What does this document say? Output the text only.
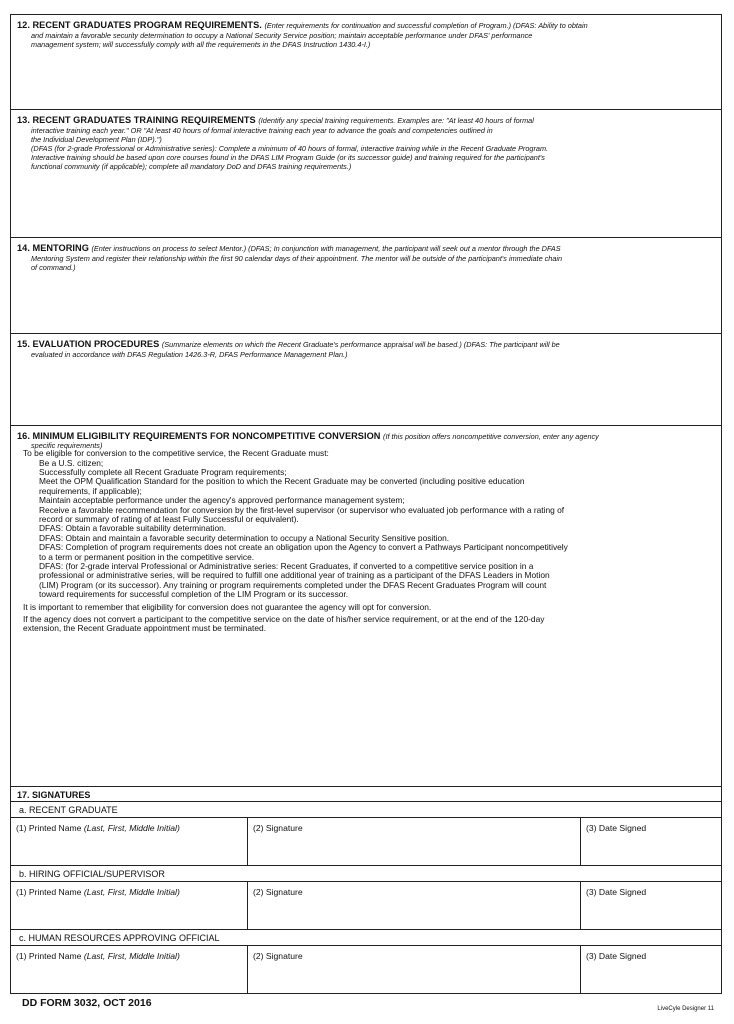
12. RECENT GRADUATES PROGRAM REQUIREMENTS. (Enter requirements for continuation and successful completion of Program.) (DFAS: Ability to obtain
and maintain a favorable security determination to occupy a National Security Service position; maintain acceptable performance under DFAS' performance
management system; will successfully comply with all the requirements in the DFAS Instruction 1430.4-I.)
13. RECENT GRADUATES TRAINING REQUIREMENTS (Identify any special training requirements. Examples are: "At least 40 hours of formal
interactive training each year." OR "At least 40 hours of formal interactive training each year to advance the goals and competencies outlined in
the Individual Development Plan (IDP).")
(DFAS (for 2-grade Professional or Administrative series): Complete a minimum of 40 hours of formal, interactive training while in the Recent Graduate Program.
Interactive training should be based upon core courses found in the DFAS LIM Program Guide (or its successor guide) and training required for the participant's
functional community (if applicable); complete all mandatory DoD and DFAS training requirements.)
14. MENTORING (Enter instructions on process to select Mentor.) (DFAS; In conjunction with management, the participant will seek out a mentor through the DFAS
Mentoring System and register their relationship within the first 90 calendar days of their appointment. The mentor will be outside of the participant's immediate chain
of command.)
15. EVALUATION PROCEDURES (Summarize elements on which the Recent Graduate's performance appraisal will be based.) (DFAS: The participant will be
evaluated in accordance with DFAS Regulation 1426.3-R, DFAS Performance Management Plan.)
16. MINIMUM ELIGIBILITY REQUIREMENTS FOR NONCOMPETITIVE CONVERSION (If this position offers noncompetitive conversion, enter any agency
specific requirements)
To be eligible for conversion to the competitive service, the Recent Graduate must:
Be a U.S. citizen;
Successfully complete all Recent Graduate Program requirements;
Meet the OPM Qualification Standard for the position to which the Recent Graduate may be converted (including positive education
requirements, if applicable);
Maintain acceptable performance under the agency's approved performance management system;
Receive a favorable recommendation for conversion by the first-level supervisor (or supervisor who evaluated job performance with a rating of
record or summary of rating of at least Fully Successful or equivalent).
DFAS: Obtain a favorable suitability determination.
DFAS: Obtain and maintain a favorable security determination to occupy a National Security Sensitive position.
DFAS: Completion of program requirements does not create an obligation upon the Agency to convert a Pathways Participant noncompetitively
to a term or permanent position in the competitive service.
DFAS: (for 2-grade interval Professional or Administrative series: Recent Graduates, if converted to a competitive service position in a
professional or administrative series, will be required to fulfill one additional year of training as a participant of the DFAS Leaders in Motion
(LIM) Program (or its successor). Any training or program requirements completed under the DFAS Recent Graduates Program will count
toward requirements for successful completion of the LIM Program or its successor.
It is important to remember that eligibility for conversion does not guarantee the agency will opt for conversion.
If the agency does not convert a participant to the competitive service on the date of his/her service requirement, or at the end of the 120-day
extension, the Recent Graduate appointment must be terminated.
17. SIGNATURES
a. RECENT GRADUATE
(1) Printed Name (Last, First, Middle Initial)	(2) Signature	(3) Date Signed
b. HIRING OFFICIAL/SUPERVISOR
(1) Printed Name (Last, First, Middle Initial)	(2) Signature	(3) Date Signed
c. HUMAN RESOURCES APPROVING OFFICIAL
(1) Printed Name (Last, First, Middle Initial)	(2) Signature	(3) Date Signed
DD FORM 3032, OCT 2016	LiveCyle Designer 11
